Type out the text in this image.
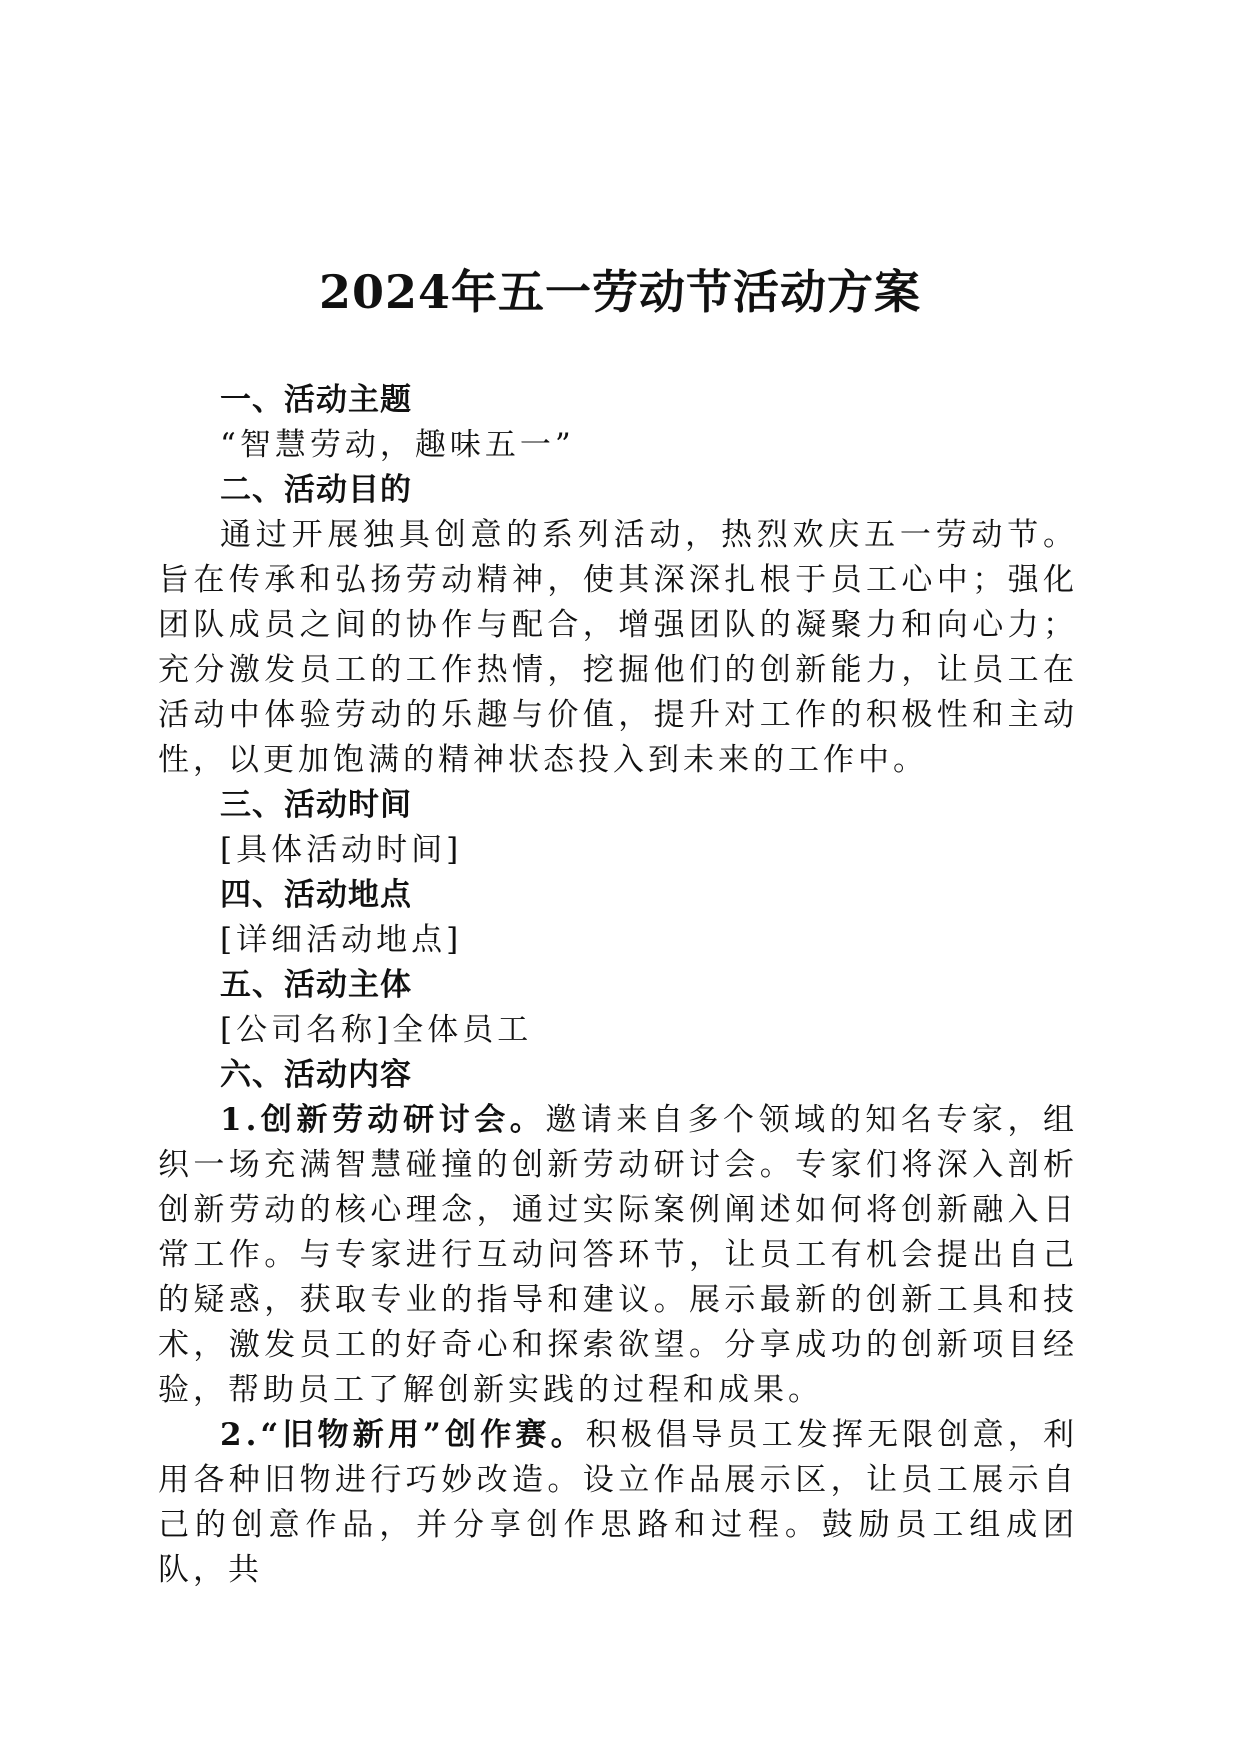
2024年五一劳动节活动方案

一、活动主题

“智慧劳动，趣味五一”

二、活动目的

通过开展独具创意的系列活动，热烈欢庆五一劳动节。旨在传承和弘扬劳动精神，使其深深扎根于员工心中；强化团队成员之间的协作与配合，增强团队的凝聚力和向心力；充分激发员工的工作热情，挖掘他们的创新能力，让员工在活动中体验劳动的乐趣与价值，提升对工作的积极性和主动性，以更加饱满的精神状态投入到未来的工作中。

三、活动时间

[具体活动时间]

四、活动地点

[详细活动地点]

五、活动主体

[公司名称]全体员工

六、活动内容

1.创新劳动研讨会。邀请来自多个领域的知名专家，组织一场充满智慧碰撞的创新劳动研讨会。专家们将深入剖析创新劳动的核心理念，通过实际案例阐述如何将创新融入日常工作。与专家进行互动问答环节，让员工有机会提出自己的疑惑，获取专业的指导和建议。展示最新的创新工具和技术，激发员工的好奇心和探索欲望。分享成功的创新项目经验，帮助员工了解创新实践的过程和成果。

2.“旧物新用”创作赛。积极倡导员工发挥无限创意，利用各种旧物进行巧妙改造。设立作品展示区，让员工展示自己的创意作品，并分享创作思路和过程。鼓励员工组成团队，共
